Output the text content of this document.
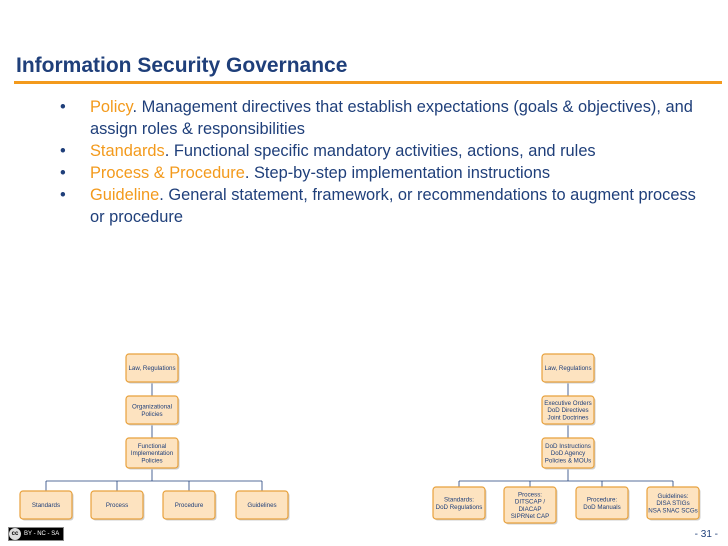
Information Security Governance

• Policy. Management directives that establish expectations (goals & objectives), and assign roles & responsibilities

• Standards. Functional specific mandatory activities, actions, and rules

• Process & Procedure. Step-by-step implementation instructions

• Guideline. General statement, framework, or recommendations to augment process or procedure

Law, Regulations
Organizational
Policies
Functional
Implementation
Policies
Standards	Process	Procedure	Guidelines
Law, Regulations
Executive Orders
DoD Directives
Joint Doctrines
DoD Instructions
DoD Agency
Policies & MOUs
Standards:
DoD Regulations
Process:
DITSCAP /
DIACAP
SIPRNet CAP
Procedure:
DoD Manuals
Guidelines:
DISA STIGs
NSA SNAC SCGs
cc BY - NC - SA	- 31 -
